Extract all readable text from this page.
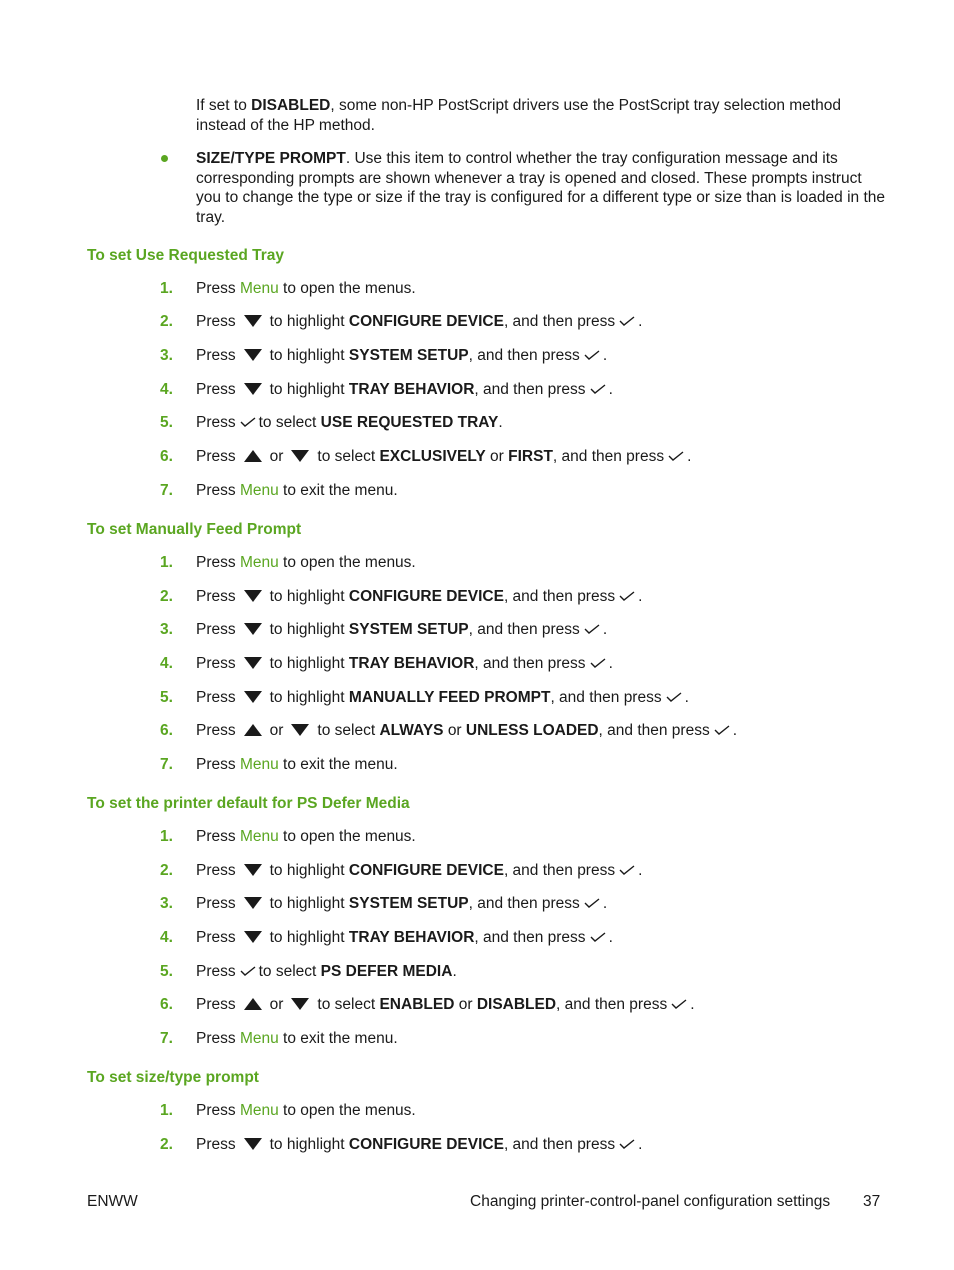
If set to DISABLED, some non-HP PostScript drivers use the PostScript tray selection method instead of the HP method.

SIZE/TYPE PROMPT. Use this item to control whether the tray configuration message and its corresponding prompts are shown whenever a tray is opened and closed. These prompts instruct you to change the type or size if the tray is configured for a different type or size than is loaded in the tray.
To set Use Requested Tray
1.	Press Menu to open the menus.
2.	Press to highlight CONFIGURE DEVICE, and then press .
3.	Press to highlight SYSTEM SETUP, and then press .
4.	Press to highlight TRAY BEHAVIOR, and then press .
5.	Press to select USE REQUESTED TRAY.
6.	Press or to select EXCLUSIVELY or FIRST, and then press .
7.	Press Menu to exit the menu.
To set Manually Feed Prompt
1.	Press Menu to open the menus.
2.	Press to highlight CONFIGURE DEVICE, and then press .
3.	Press to highlight SYSTEM SETUP, and then press .
4.	Press to highlight TRAY BEHAVIOR, and then press .
5.	Press to highlight MANUALLY FEED PROMPT, and then press .
6.	Press or to select ALWAYS or UNLESS LOADED, and then press .
7.	Press Menu to exit the menu.
To set the printer default for PS Defer Media
1.	Press Menu to open the menus.
2.	Press to highlight CONFIGURE DEVICE, and then press .
3.	Press to highlight SYSTEM SETUP, and then press .
4.	Press to highlight TRAY BEHAVIOR, and then press .
5.	Press to select PS DEFER MEDIA.
6.	Press or to select ENABLED or DISABLED, and then press .
7.	Press Menu to exit the menu.
To set size/type prompt
1.	Press Menu to open the menus.
2.	Press to highlight CONFIGURE DEVICE, and then press .
ENWW	Changing printer-control-panel configuration settings 37
